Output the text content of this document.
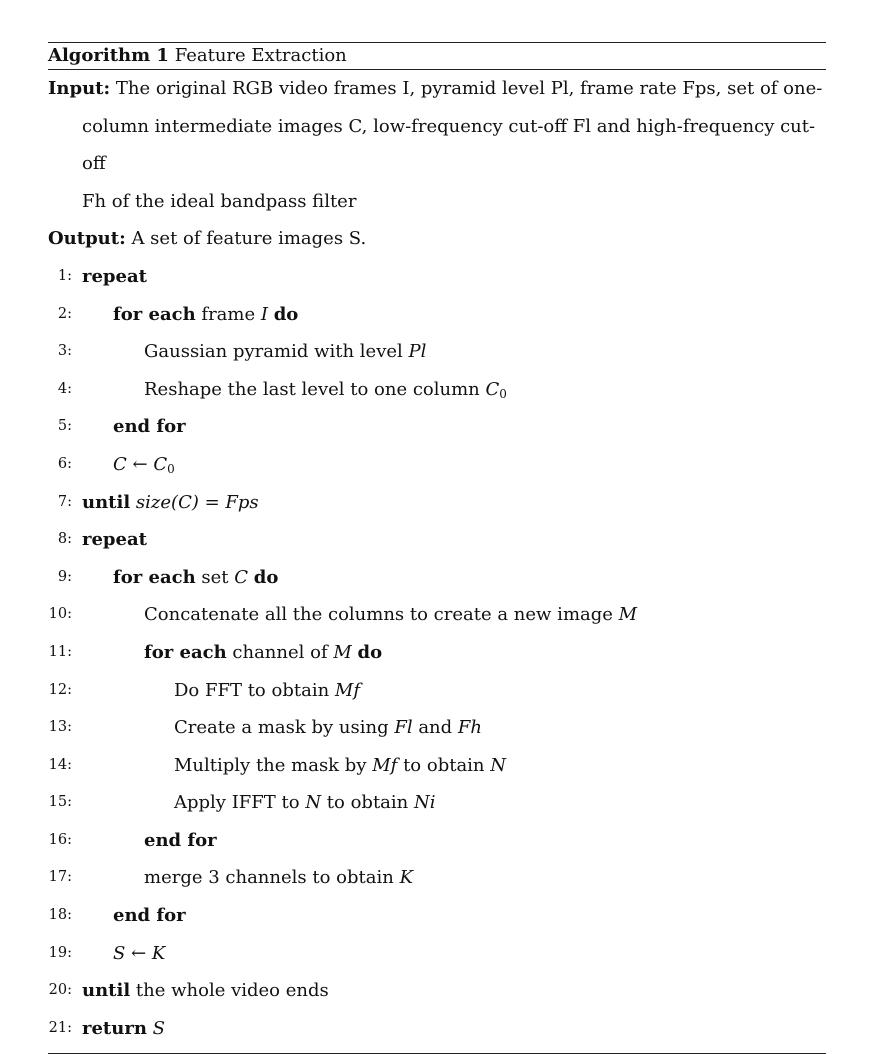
Algorithm 1 Feature Extraction
Input: The original RGB video frames I, pyramid level Pl, frame rate Fps, set of one-
column intermediate images C, low-frequency cut-off Fl and high-frequency cut-off
Fh of the ideal bandpass filter
Output: A set of feature images S.
1: repeat
2: for each frame I do
3:	Gaussian pyramid with level Pl
4:	Reshape the last level to one column $C_0$
5: end for
6: C ← $C_0$
7: until size(C) = Fps
8: repeat
9: for each set C do
10:	Concatenate all the columns to create a new image M
11:	for each channel of M do
12:	Do FFT to obtain Mf
13:	Create a mask by using Fl and Fh
14:	Multiply the mask by Mf to obtain N
15:	Apply IFFT to N to obtain Ni
16:	end for
17:	merge 3 channels to obtain K
18: end for
19: S ← K
20: until the whole video ends
21: return S
